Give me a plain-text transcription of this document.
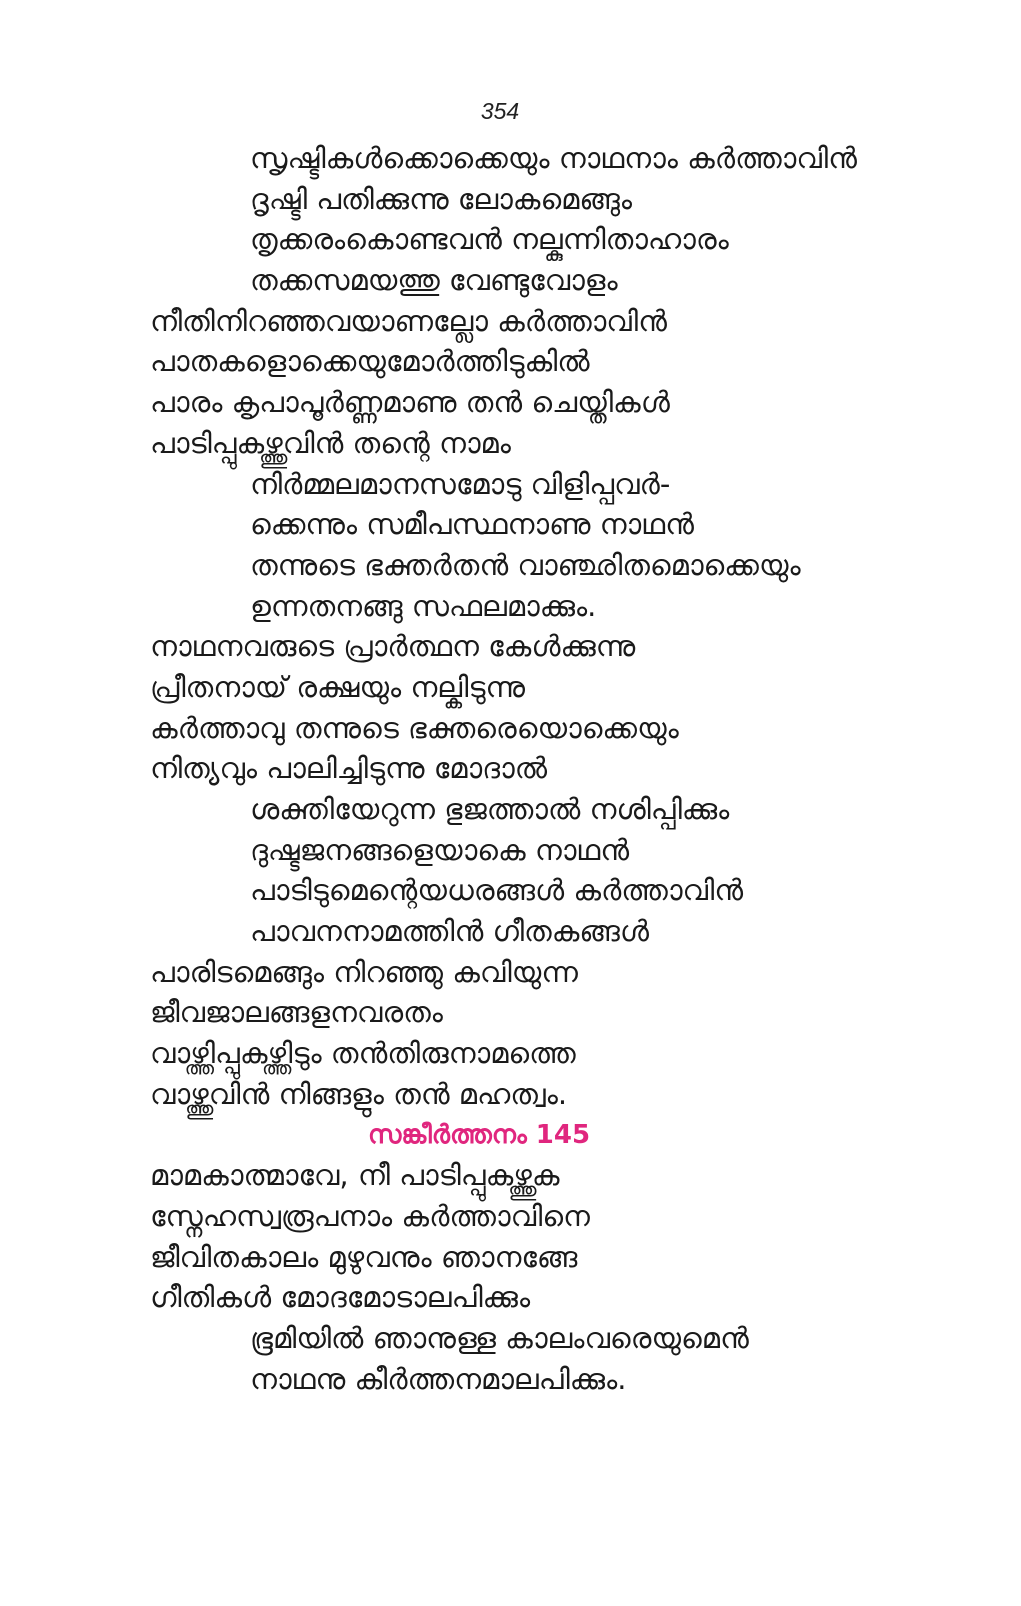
354
സൃഷ്ടികൾക്കൊക്കെയും നാഥനാം കർത്താവിൻ
ദൃഷ്ടി പതിക്കുന്നു ലോകമെങ്ങും
തൃക്കരംകൊണ്ടവൻ നല്കുന്നിതാഹാരം
തക്കസമയത്തു വേണ്ടുവോളം
നീതിനിറഞ്ഞവയാണല്ലോ കർത്താവിൻ
പാതകളൊക്കെയുമോർത്തിടുകിൽ
പാരം കൃപാപൂർണ്ണമാണു തൻ ചെയ്തികൾ
പാടിപ്പുകഴ്ത്തുവിൻ തന്റെ നാമം
നിർമ്മലമാനസമോടു വിളിപ്പവർ-
ക്കെന്നും സമീപസ്ഥനാണു നാഥൻ
തന്നുടെ ഭക്തർതൻ വാഞ്ഛിതമൊക്കെയും
ഉന്നതനങ്ങു സഫലമാക്കും.
നാഥനവരുടെ പ്രാർത്ഥന കേൾക്കുന്നു
പ്രീതനായ് രക്ഷയും നല്കിടുന്നു
കർത്താവു തന്നുടെ ഭക്തരെയൊക്കെയും
നിത്യവും പാലിച്ചിടുന്നു മോദാൽ
ശക്തിയേറുന്ന ഭുജത്താൽ നശിപ്പിക്കും
ദുഷ്ടജനങ്ങളെയാകെ നാഥൻ
പാടിടുമെന്റെയധരങ്ങൾ കർത്താവിൻ
പാവനനാമത്തിൻ ഗീതകങ്ങൾ
പാരിടമെങ്ങും നിറഞ്ഞു കവിയുന്ന
ജീവജാലങ്ങളനവരതം
വാഴ്ത്തിപ്പുകഴ്ത്തിടും തൻതിരുനാമത്തെ
വാഴ്ത്തുവിൻ നിങ്ങളും തൻ മഹത്വം.
സങ്കീർത്തനം 145
മാമകാത്മാവേ, നീ പാടിപ്പുകഴ്ത്തുക
സ്നേഹസ്വരൂപനാം കർത്താവിനെ
ജീവിതകാലം മുഴുവനും ഞാനങ്ങേ
ഗീതികൾ മോദമോടാലപിക്കും
ഭൂമിയിൽ ഞാനുള്ള കാലംവരെയുമെൻ
നാഥനു കീർത്തനമാലപിക്കും.
